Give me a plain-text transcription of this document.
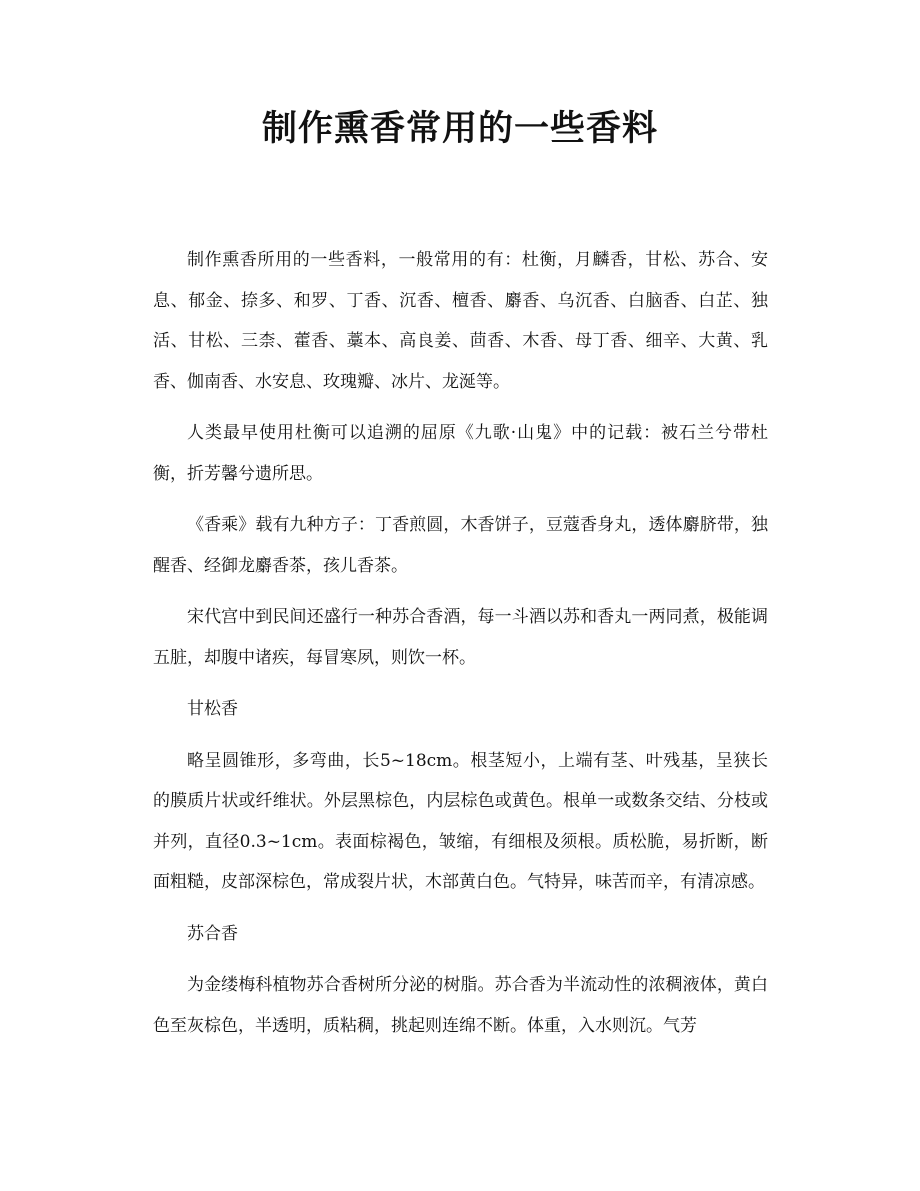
制作熏香常用的一些香料

制作熏香所用的一些香料，一般常用的有：杜衡，月麟香，甘松、苏合、安息、郁金、捺多、和罗、丁香、沉香、檀香、麝香、乌沉香、白脑香、白芷、独活、甘松、三柰、藿香、藁本、高良姜、茴香、木香、母丁香、细辛、大黄、乳香、伽南香、水安息、玫瑰瓣、冰片、龙涎等。

人类最早使用杜衡可以追溯的屈原《九歌·山鬼》中的记载：被石兰兮带杜衡，折芳馨兮遗所思。

《香乘》载有九种方子：丁香煎圆，木香饼子，豆蔻香身丸，透体麝脐带，独醒香、经御龙麝香茶，孩儿香茶。

宋代宫中到民间还盛行一种苏合香酒，每一斗酒以苏和香丸一两同煮，极能调五脏，却腹中诸疾，每冒寒夙，则饮一杯。

甘松香

略呈圆锥形，多弯曲，长5~18cm。根茎短小，上端有茎、叶残基，呈狭长的膜质片状或纤维状。外层黑棕色，内层棕色或黄色。根单一或数条交结、分枝或并列，直径0.3~1cm。表面棕褐色，皱缩，有细根及须根。质松脆，易折断，断面粗糙，皮部深棕色，常成裂片状，木部黄白色。气特异，味苦而辛，有清凉感。

苏合香

为金缕梅科植物苏合香树所分泌的树脂。苏合香为半流动性的浓稠液体，黄白色至灰棕色，半透明，质粘稠，挑起则连绵不断。体重，入水则沉。气芳
